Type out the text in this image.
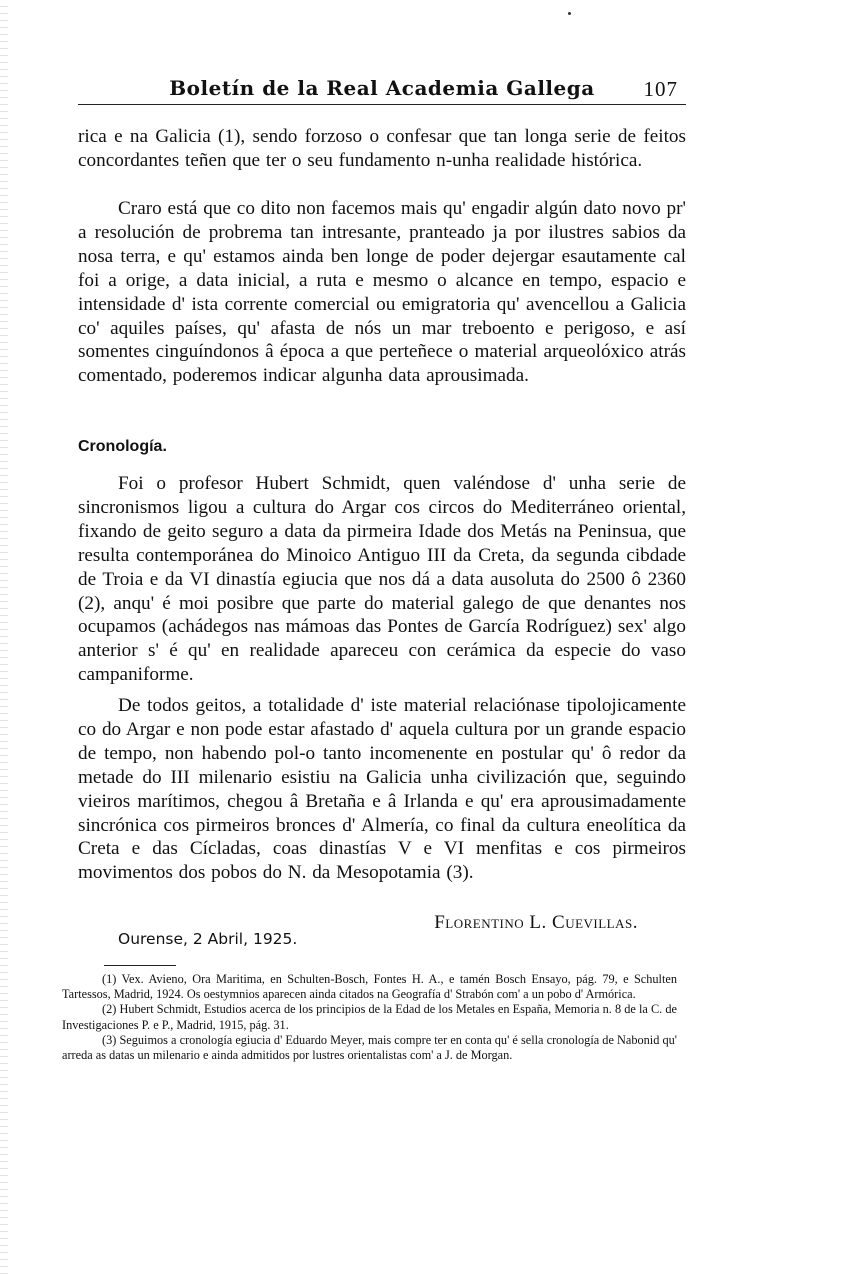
Boletín de la Real Academia Gallega	107

rica e na Galicia (1), sendo forzoso o confesar que tan longa serie de feitos concordantes teñen que ter o seu fundamento n-unha realidade histórica.

Craro está que co dito non facemos mais qu' engadir algún dato novo pr' a resolución de probrema tan intresante, pranteado ja por ilustres sabios da nosa terra, e qu' estamos ainda ben longe de poder dejergar esautamente cal foi a orige, a data inicial, a ruta e mesmo o alcance en tempo, espacio e intensidade d' ista corrente comercial ou emigratoria qu' avencellou a Galicia co' aquiles países, qu' afasta de nós un mar treboento e perigoso, e así somentes cinguíndonos â época a que perteñece o material arqueolóxico atrás comentado, poderemos indicar algunha data aprousimada.

Cronología.

Foi o profesor Hubert Schmidt, quen valéndose d' unha serie de sincronismos ligou a cultura do Argar cos circos do Mediterráneo oriental, fixando de geito seguro a data da pirmeira Idade dos Metás na Peninsua, que resulta contemporánea do Minoico Antiguo III da Creta, da segunda cibdade de Troia e da VI dinastía egiucia que nos dá a data ausoluta do 2500 ô 2360 (2), anqu' é moi posibre que parte do material galego de que denantes nos ocupamos (achádegos nas mámoas das Pontes de García Rodríguez) sex' algo anterior s' é qu' en realidade apareceu con cerámica da especie do vaso campaniforme.

De todos geitos, a totalidade d' iste material relaciónase tipolojicamente co do Argar e non pode estar afastado d' aquela cultura por un grande espacio de tempo, non habendo pol-o tanto incomenente en postular qu' ô redor da metade do III milenario esistiu na Galicia unha civilización que, seguindo vieiros marítimos, chegou â Bretaña e â Irlanda e qu' era aprousimadamente sincrónica cos pirmeiros bronces d' Almería, co final da cultura eneolítica da Creta e das Cícladas, coas dinastías V e VI menfitas e cos pirmeiros movimentos dos pobos do N. da Mesopotamia (3).

Florentino L. Cuevillas.
Ourense, 2 Abril, 1925.

(1) Vex. Avieno, Ora Maritima, en Schulten-Bosch, Fontes H. A., e tamén Bosch Ensayo, pág. 79, e Schulten Tartessos, Madrid, 1924. Os oestymnios aparecen ainda citados na Geografía d' Strabón com' a un pobo d' Armórica.

(2) Hubert Schmidt, Estudios acerca de los principios de la Edad de los Metales en España, Memoria n. 8 de la C. de Investigaciones P. e P., Madrid, 1915, pág. 31.

(3) Seguimos a cronología egiucia d' Eduardo Meyer, mais compre ter en conta qu' é sella cronología de Nabonid qu' arreda as datas un milenario e ainda admitidos por lustres orientalistas com' a J. de Morgan.
